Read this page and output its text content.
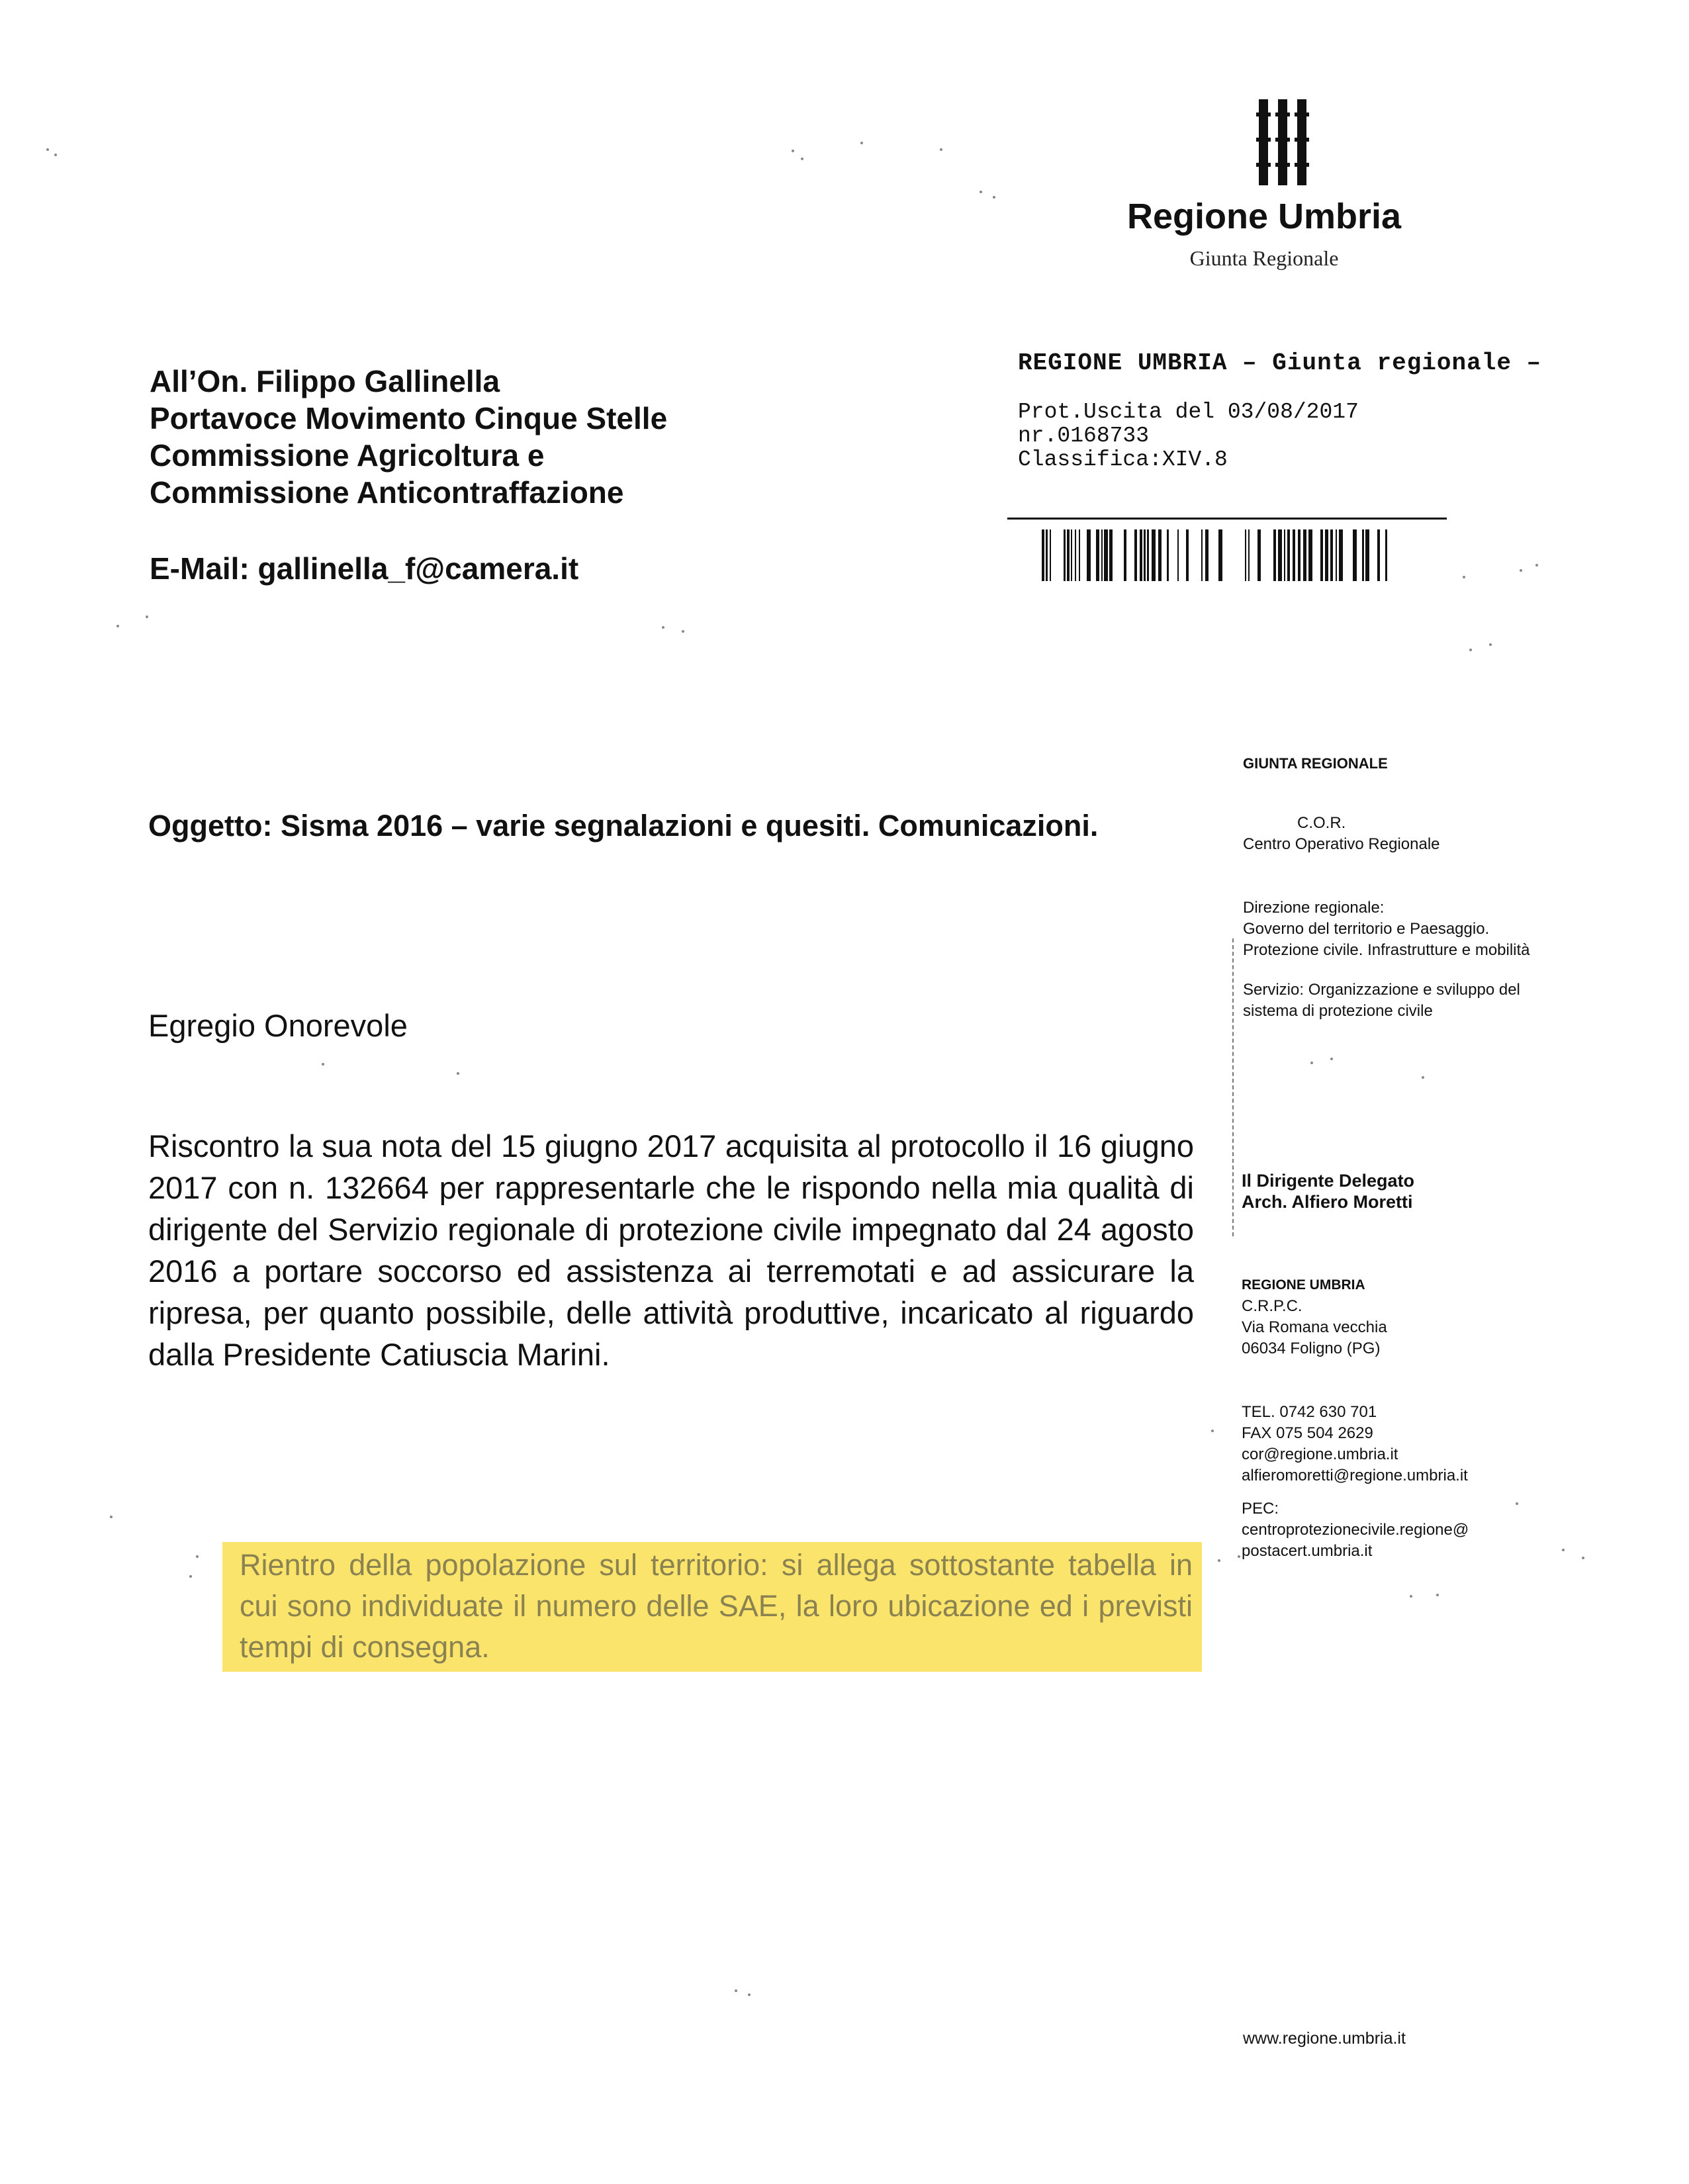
Regione Umbria
Giunta Regionale
All’On. Filippo Gallinella
Portavoce Movimento Cinque Stelle
Commissione Agricoltura e
Commissione Anticontraffazione
E-Mail: gallinella_f@camera.it
REGIONE UMBRIA – Giunta regionale –
Prot.Uscita del 03/08/2017
nr.0168733
Classifica:XIV.8
Oggetto: Sisma 2016 – varie segnalazioni e quesiti. Comunicazioni.
Egregio Onorevole
Riscontro la sua nota del 15 giugno 2017 acquisita al protocollo il 16 giugno 2017 con n. 132664 per rappresentarle che le rispondo nella mia qualità di dirigente del Servizio regionale di protezione civile impegnato dal 24 agosto 2016 a portare soccorso ed assistenza ai terremotati e ad assicurare la ripresa, per quanto possibile, delle attività produttive, incaricato al riguardo dalla Presidente Catiuscia Marini.
Rientro della popolazione sul territorio: si allega sottostante tabella in cui sono individuate il numero delle SAE, la loro ubicazione ed i previsti tempi di consegna.
GIUNTA REGIONALE
C.O.R.
Centro Operativo Regionale
Direzione regionale:
Governo del territorio e Paesaggio.
Protezione civile. Infrastrutture e mobilità
Servizio: Organizzazione e sviluppo del
sistema di protezione civile
Il Dirigente Delegato
Arch. Alfiero Moretti
REGIONE UMBRIA
C.R.P.C.
Via Romana vecchia
06034 Foligno (PG)
TEL. 0742 630 701
FAX 075 504 2629
cor@regione.umbria.it
alfieromoretti@regione.umbria.it
PEC:
centroprotezionecivile.regione@
postacert.umbria.it
www.regione.umbria.it
